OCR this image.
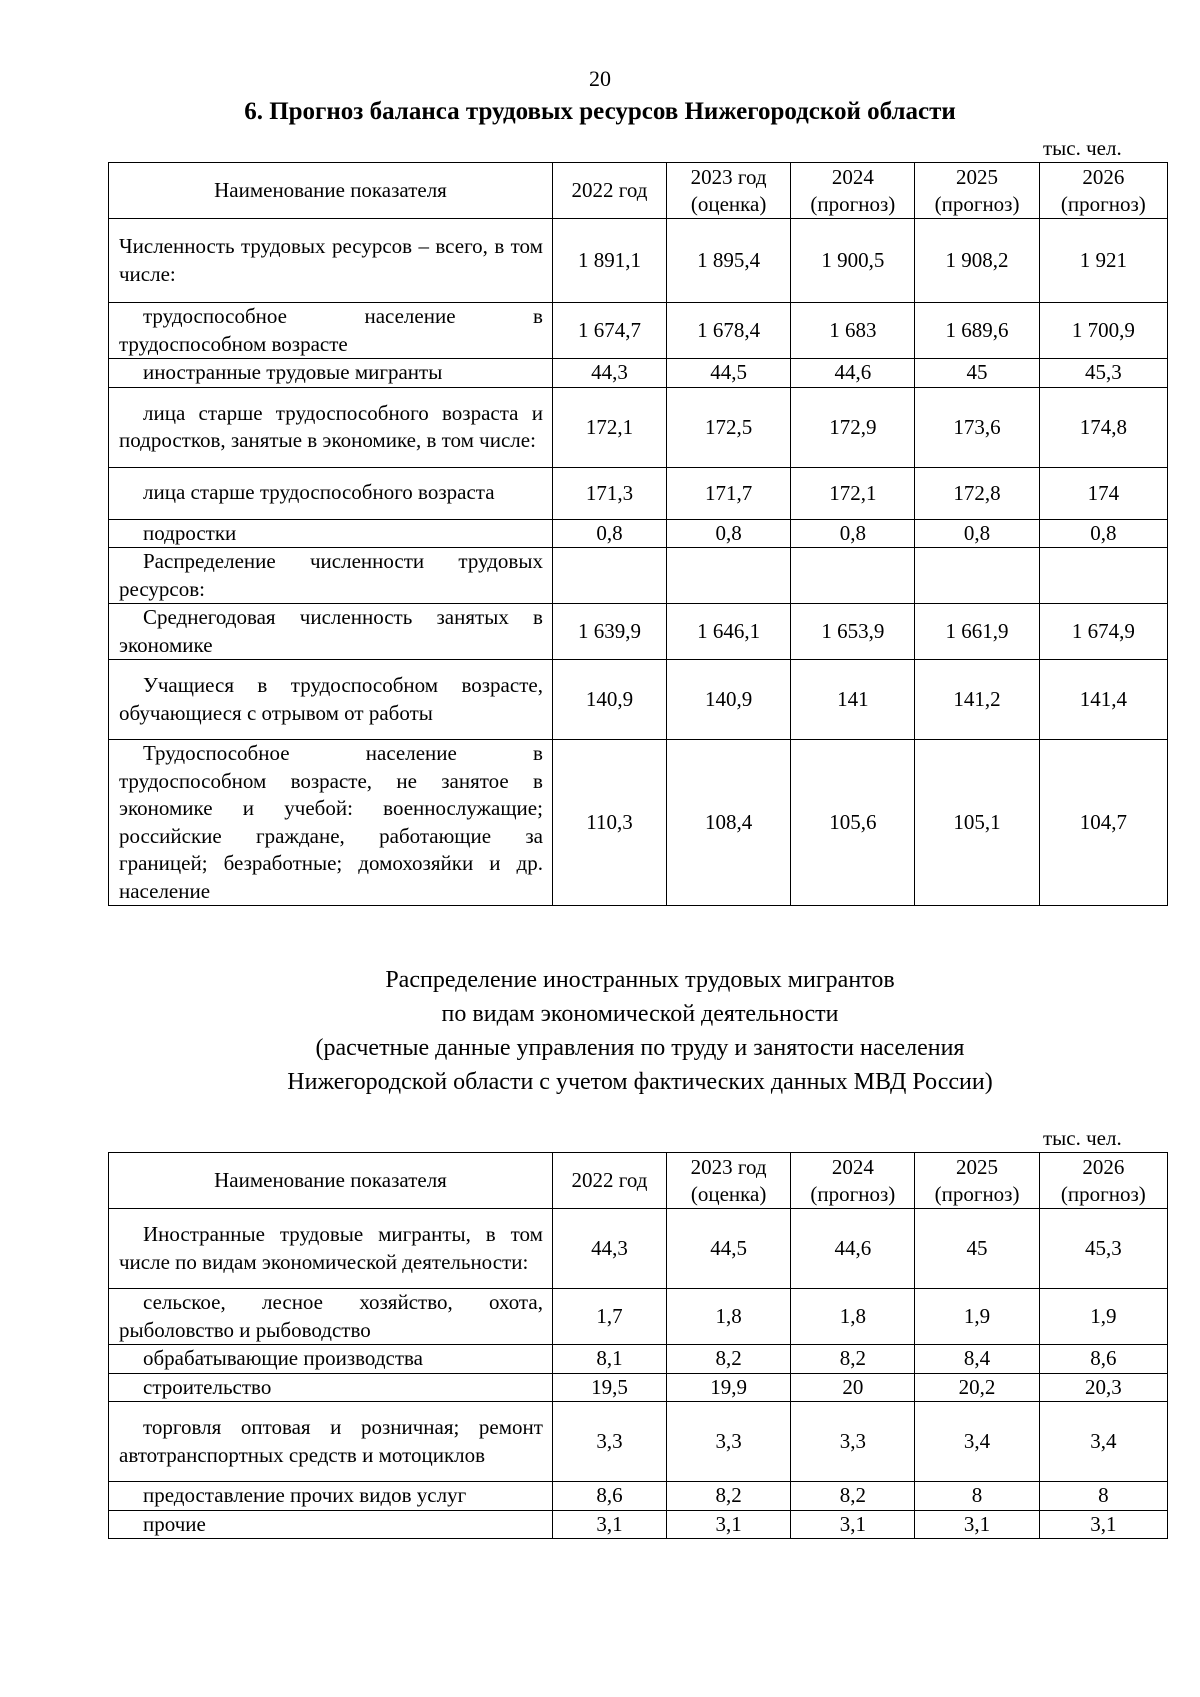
20
6. Прогноз баланса трудовых ресурсов Нижегородской области
тыс. чел.
Наименование показателя	2022 год	2023 год (оценка)	2024 (прогноз)	2025 (прогноз)	2026 (прогноз)
Численность трудовых ресурсов – всего, в том числе:	1 891,1	1 895,4	1 900,5	1 908,2	1 921
трудоспособное население в трудоспособном возрасте	1 674,7	1 678,4	1 683	1 689,6	1 700,9
иностранные трудовые мигранты	44,3	44,5	44,6	45	45,3
лица старше трудоспособного возраста и подростков, занятые в экономике, в том числе:	172,1	172,5	172,9	173,6	174,8
лица старше трудоспособного возраста	171,3	171,7	172,1	172,8	174
подростки	0,8	0,8	0,8	0,8	0,8
Распределение численности трудовых ресурсов:					
Среднегодовая численность занятых в экономике	1 639,9	1 646,1	1 653,9	1 661,9	1 674,9
Учащиеся в трудоспособном возрасте, обучающиеся с отрывом от работы	140,9	140,9	141	141,2	141,4
Трудоспособное население в трудоспособном возрасте, не занятое в экономике и учебой: военнослужащие; российские граждане, работающие за границей; безработные; домохозяйки и др. население	110,3	108,4	105,6	105,1	104,7
Распределение иностранных трудовых мигрантов
по видам экономической деятельности
(расчетные данные управления по труду и занятости населения
Нижегородской области с учетом фактических данных МВД России)
тыс. чел.
Наименование показателя	2022 год	2023 год (оценка)	2024 (прогноз)	2025 (прогноз)	2026 (прогноз)
Иностранные трудовые мигранты, в том числе по видам экономической деятельности:	44,3	44,5	44,6	45	45,3
сельское, лесное хозяйство, охота, рыболовство и рыбоводство	1,7	1,8	1,8	1,9	1,9
обрабатывающие производства	8,1	8,2	8,2	8,4	8,6
строительство	19,5	19,9	20	20,2	20,3
торговля оптовая и розничная; ремонт автотранспортных средств и мотоциклов	3,3	3,3	3,3	3,4	3,4
предоставление прочих видов услуг	8,6	8,2	8,2	8	8
прочие	3,1	3,1	3,1	3,1	3,1
